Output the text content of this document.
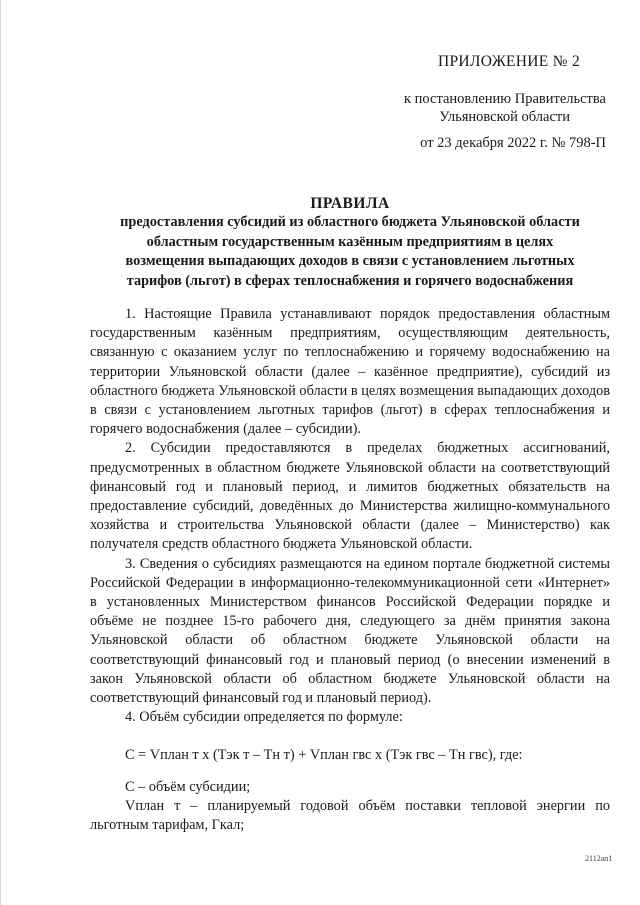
ПРИЛОЖЕНИЕ № 2
к постановлению Правительства
Ульяновской области
от 23 декабря 2022 г. № 798-П
ПРАВИЛА
предоставления субсидий из областного бюджета Ульяновской области
областным государственным казённым предприятиям в целях
возмещения выпадающих доходов в связи с установлением льготных
тарифов (льгот) в сферах теплоснабжения и горячего водоснабжения

1. Настоящие Правила устанавливают порядок предоставления областным государственным казённым предприятиям, осуществляющим деятельность, связанную с оказанием услуг по теплоснабжению и горячему водоснабжению на территории Ульяновской области (далее – казённое предприятие), субсидий из областного бюджета Ульяновской области в целях возмещения выпадающих доходов в связи с установлением льготных тарифов (льгот) в сферах теплоснабжения и горячего водоснабжения (далее – субсидии).

2. Субсидии предоставляются в пределах бюджетных ассигнований, предусмотренных в областном бюджете Ульяновской области на соответствующий финансовый год и плановый период, и лимитов бюджетных обязательств на предоставление субсидий, доведённых до Министерства жилищно-коммунального хозяйства и строительства Ульяновской области (далее – Министерство) как получателя средств областного бюджета Ульяновской области.

3. Сведения о субсидиях размещаются на едином портале бюджетной системы Российской Федерации в информационно-телекоммуникационной сети «Интернет» в установленных Министерством финансов Российской Федерации порядке и объёме не позднее 15-го рабочего дня, следующего за днём принятия закона Ульяновской области об областном бюджете Ульяновской области на соответствующий финансовый год и плановый период (о внесении изменений в закон Ульяновской области об областном бюджете Ульяновской области на соответствующий финансовый год и плановый период).

4. Объём субсидии определяется по формуле:

С = Vплан т х (Тэк т – Тн т) + Vплан гвс х (Тэк гвс – Тн гвс), где:

С – объём субсидии;

Vплан т – планируемый годовой объём поставки тепловой энергии по льготным тарифам, Гкал;

2112ап1
